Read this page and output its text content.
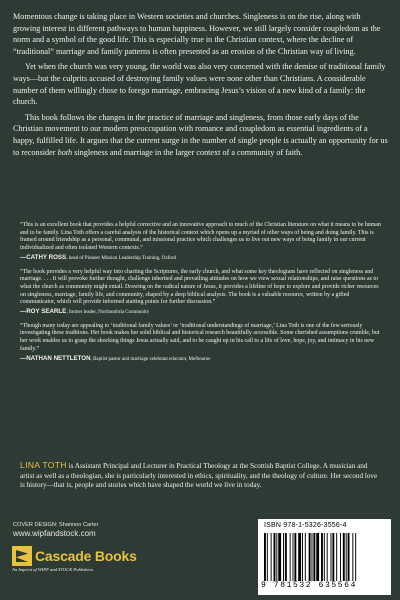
Momentous change is taking place in Western societies and churches. Singleness is on the rise, along with growing interest in different pathways to human happiness. However, we still largely consider coupledom as the norm and a symbol of the good life. This is especially true in the Christian context, where the decline of “traditional” marriage and family patterns is often presented as an erosion of the Christian way of living.

Yet when the church was very young, the world was also very concerned with the demise of traditional family ways—but the culprits accused of destroying family values were none other than Christians. A considerable number of them willingly chose to forego marriage, embracing Jesus’s vision of a new kind of a family: the church.

This book follows the changes in the practice of marriage and singleness, from those early days of the Christian movement to our modern preoccupation with romance and coupledom as essential ingredients of a happy, fulfilled life. It argues that the current surge in the number of single people is actually an opportunity for us to reconsider both singleness and marriage in the larger context of a community of faith.

“This is an excellent book that provides a helpful corrective and an innovative approach to much of the Christian literature on what it means to be human and to be family. Lina Toth offers a careful analysis of the historical context which opens up a myriad of other ways of being and doing family. This is framed around friendship as a personal, communal, and missional practice which challenges us to live out new ways of being family in our current individualized and often isolated Western contexts.”
—CATHY ROSS, head of Pioneer Mission Leadership Training, Oxford
“The book provides a very helpful way into charting the Scriptures, the early church, and what some key theologians have reflected on singleness and marriage. . . . It will provoke further thought, challenge inherited and prevailing attitudes on how we view sexual relationships, and raise questions as to what the church as community might entail. Drawing on the radical nature of Jesus, it provides a lifeline of hope to explore and provide richer resources on singleness, marriage, family life, and community, shaped by a deep biblical analysis. The book is a valuable resource, written by a gifted communicator, which will provide informed starting points for further discussion.”
—ROY SEARLE, former leader, Northumbria Community
“Though many today are appealing to ‘traditional family values’ or ‘traditional understandings of marriage,’ Lina Toth is one of the few seriously investigating these traditions. Her book makes her solid biblical and historical research beautifully accessible. Some cherished assumptions crumble, but her work enables us to grasp the shocking things Jesus actually said, and to be caught up in his call to a life of love, hope, joy, and intimacy in his new family.”
—NATHAN NETTLETON, Baptist pastor and marriage celebrant educator, Melbourne
LINA TOTH is Assistant Principal and Lecturer in Practical Theology at the Scottish Baptist College. A musician and artist as well as a theologian, she is particularly interested in ethics, spirituality, and the theology of culture. Her second love is history—that is, people and stories which have shaped the world we live in today.
COVER DESIGN: Shannon Carter
www.wipfandstock.com
Cascade Books
An Imprint of WIPF and STOCK Publishers
ISBN 978-1-5326-3556-4
9 781532 635564
